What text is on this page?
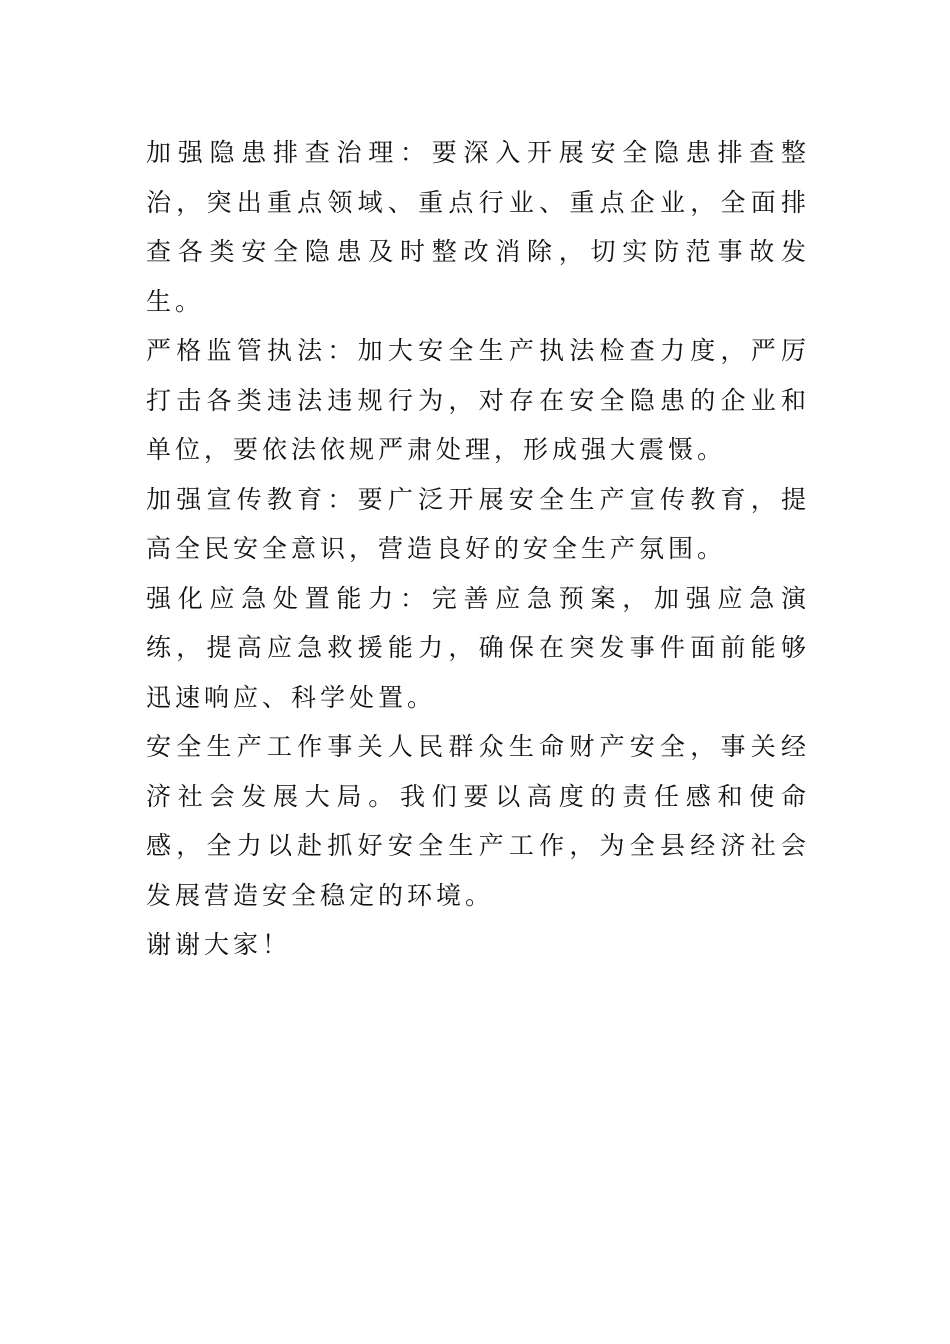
加强隐患排查治理：要深入开展安全隐患排查整治，突出重点领域、重点行业、重点企业，全面排查各类安全隐患及时整改消除，切实防范事故发生。

严格监管执法：加大安全生产执法检查力度，严厉打击各类违法违规行为，对存在安全隐患的企业和单位，要依法依规严肃处理，形成强大震慑。

加强宣传教育：要广泛开展安全生产宣传教育，提高全民安全意识，营造良好的安全生产氛围。

强化应急处置能力：完善应急预案，加强应急演练，提高应急救援能力，确保在突发事件面前能够迅速响应、科学处置。

安全生产工作事关人民群众生命财产安全，事关经济社会发展大局。我们要以高度的责任感和使命感，全力以赴抓好安全生产工作，为全县经济社会发展营造安全稳定的环境。

谢谢大家！
